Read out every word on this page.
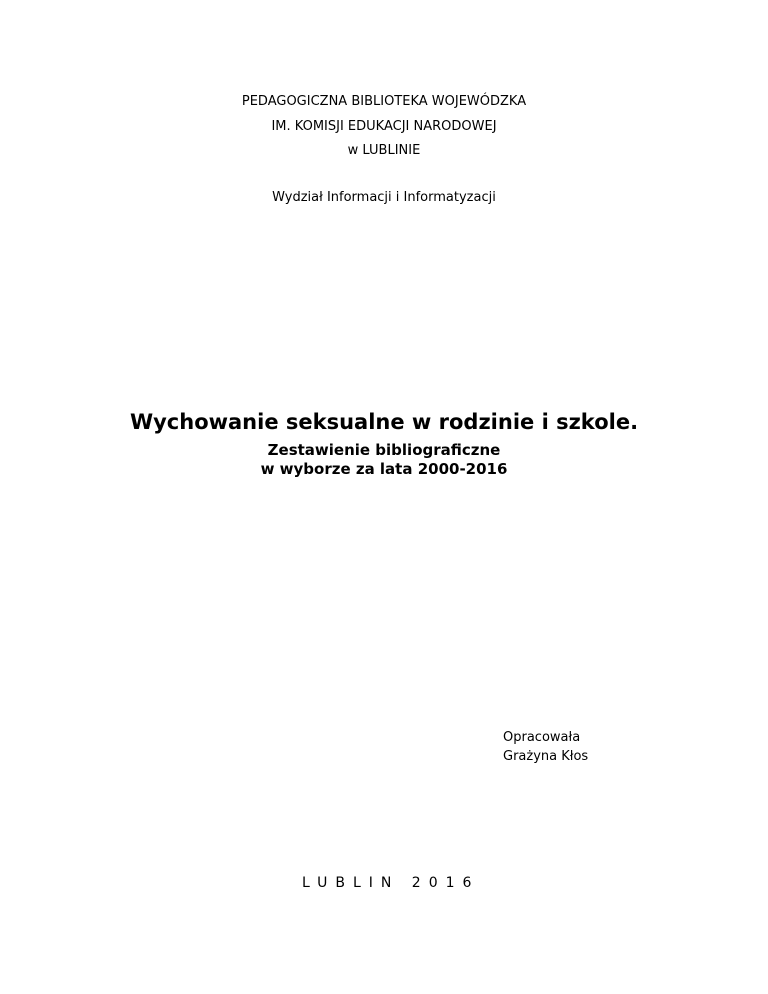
PEDAGOGICZNA BIBLIOTEKA WOJEWÓDZKA

IM. KOMISJI EDUKACJI NARODOWEJ

w LUBLINIE

Wydział Informacji i Informatyzacji

Wychowanie seksualne w rodzinie i szkole.

Zestawienie bibliograficzne

w wyborze za lata 2000-2016

Opracowała
Grażyna Kłos
LUBLIN 2016
